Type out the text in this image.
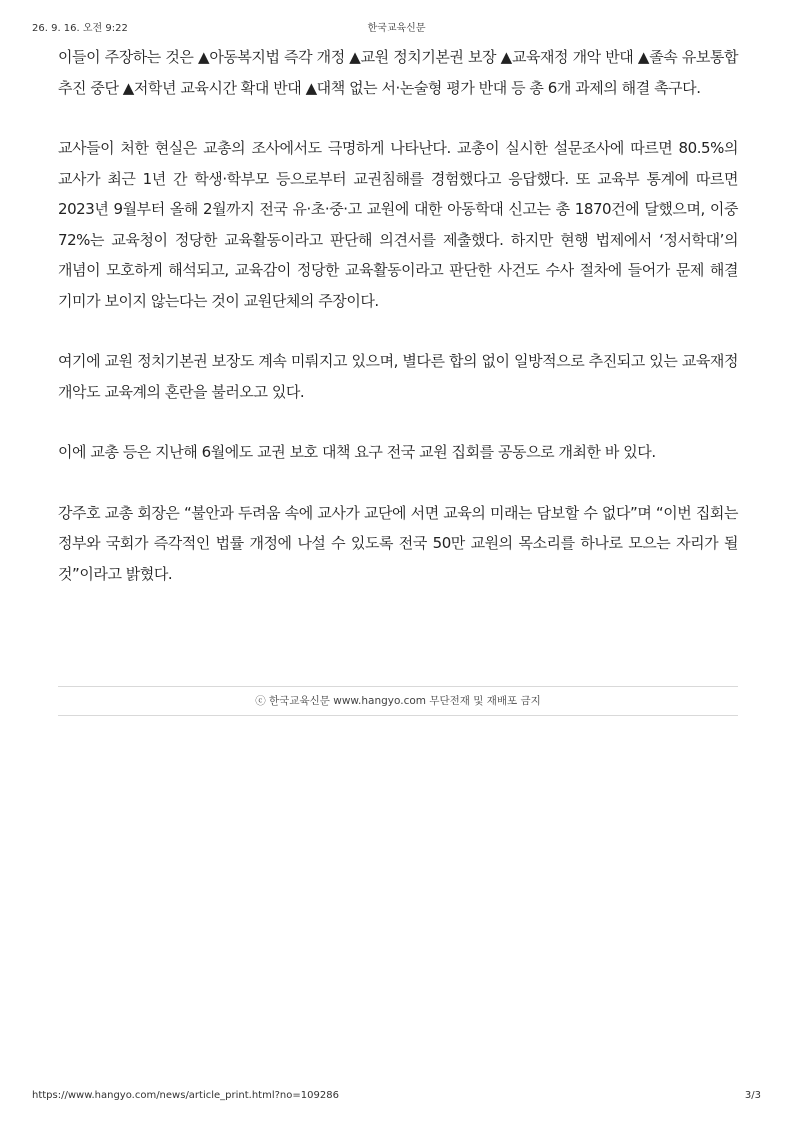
26. 9. 16. 오전 9:22	한국교육신문

이들이 주장하는 것은 ▲아동복지법 즉각 개정 ▲교원 정치기본권 보장 ▲교육재정 개악 반대 ▲졸속 유보통합 추진 중단 ▲저학년 교육시간 확대 반대 ▲대책 없는 서·논술형 평가 반대 등 총 6개 과제의 해결 촉구다.

교사들이 처한 현실은 교총의 조사에서도 극명하게 나타난다. 교총이 실시한 설문조사에 따르면 80.5%의 교사가 최근 1년 간 학생·학부모 등으로부터 교권침해를 경험했다고 응답했다. 또 교육부 통계에 따르면 2023년 9월부터 올해 2월까지 전국 유·초·중·고 교원에 대한 아동학대 신고는 총 1870건에 달했으며, 이중 72%는 교육청이 정당한 교육활동이라고 판단해 의견서를 제출했다. 하지만 현행 법제에서 ‘정서학대’의 개념이 모호하게 해석되고, 교육감이 정당한 교육활동이라고 판단한 사건도 수사 절차에 들어가 문제 해결 기미가 보이지 않는다는 것이 교원단체의 주장이다.

여기에 교원 정치기본권 보장도 계속 미뤄지고 있으며, 별다른 합의 없이 일방적으로 추진되고 있는 교육재정 개악도 교육계의 혼란을 불러오고 있다.

이에 교총 등은 지난해 6월에도 교권 보호 대책 요구 전국 교원 집회를 공동으로 개최한 바 있다.

강주호 교총 회장은 “불안과 두려움 속에 교사가 교단에 서면 교육의 미래는 담보할 수 없다”며 “이번 집회는 정부와 국회가 즉각적인 법률 개정에 나설 수 있도록 전국 50만 교원의 목소리를 하나로 모으는 자리가 될 것”이라고 밝혔다.

ⓒ 한국교육신문 www.hangyo.com 무단전재 및 재배포 금지
https://www.hangyo.com/news/article_print.html?no=109286	3/3
